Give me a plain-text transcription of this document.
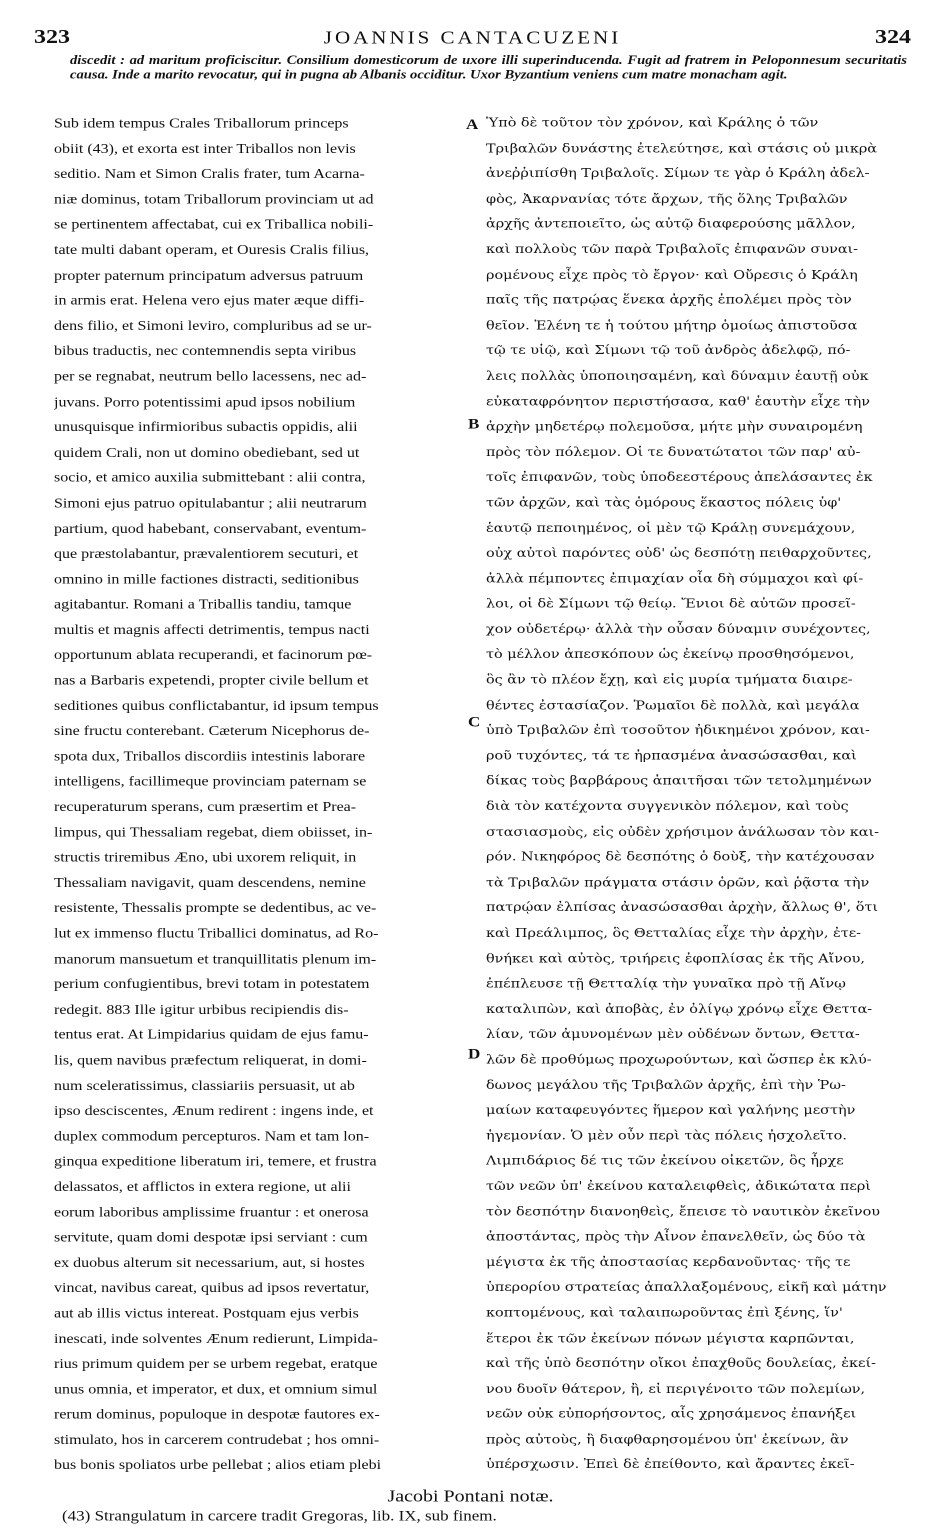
323	JOANNIS CANTACUZENI	324
discedit : ad maritum proficiscitur. Consilium domesticorum de uxore illi superinducenda. Fugit ad fratrem in Peloponnesum securitatis causa. Inde a marito revocatur, qui in pugna ab Albanis occiditur. Uxor Byzantium veniens cum matre monacham agit.
Sub idem tempus Crales Triballorum princeps
obiit (43), et exorta est inter Triballos non levis
seditio. Nam et Simon Cralis frater, tum Acarna-
niæ dominus, totam Triballorum provinciam ut ad
se pertinentem affectabat, cui ex Triballica nobili-
tate multi dabant operam, et Ouresis Cralis filius,
propter paternum principatum adversus patruum
in armis erat. Helena vero ejus mater æque diffi-
dens filio, et Simoni leviro, compluribus ad se ur-
bibus traductis, nec contemnendis septa viribus
per se regnabat, neutrum bello lacessens, nec ad-
juvans. Porro potentissimi apud ipsos nobilium
unusquisque infirmioribus subactis oppidis, alii
quidem Crali, non ut domino obediebant, sed ut
socio, et amico auxilia submittebant : alii contra,
Simoni ejus patruo opitulabantur ; alii neutrarum
partium, quod habebant, conservabant, eventum-
que præstolabantur, prævalentiorem secuturi, et
omnino in mille factiones distracti, seditionibus
agitabantur. Romani a Triballis tandiu, tamque
multis et magnis affecti detrimentis, tempus nacti
opportunum ablata recuperandi, et facinorum pœ-
nas a Barbaris expetendi, propter civile bellum et
seditiones quibus conflictabantur, id ipsum tempus
sine fructu conterebant. Cæterum Nicephorus de-
spota dux, Triballos discordiis intestinis laborare
intelligens, facillimeque provinciam paternam se
recuperaturum sperans, cum præsertim et Prea-
limpus, qui Thessaliam regebat, diem obiisset, in-
structis triremibus Æno, ubi uxorem reliquit, in
Thessaliam navigavit, quam descendens, nemine
resistente, Thessalis prompte se dedentibus, ac ve-
lut ex immenso fluctu Triballici dominatus, ad Ro-
manorum mansuetum et tranquillitatis plenum im-
perium confugientibus, brevi totam in potestatem
redegit. 883 Ille igitur urbibus recipiendis dis-
tentus erat. At Limpidarius quidam de ejus famu-
lis, quem navibus præfectum reliquerat, in domi-
num sceleratissimus, classiariis persuasit, ut ab
ipso desciscentes, Ænum redirent : ingens inde, et
duplex commodum percepturos. Nam et tam lon-
ginqua expeditione liberatum iri, temere, et frustra
delassatos, et afflictos in extera regione, ut alii
eorum laboribus amplissime fruantur : et onerosa
servitute, quam domi despotæ ipsi serviant : cum
ex duobus alterum sit necessarium, aut, si hostes
vincat, navibus careat, quibus ad ipsos revertatur,
aut ab illis victus intereat. Postquam ejus verbis
inescati, inde solventes Ænum redierunt, Limpida-
rius primum quidem per se urbem regebat, eratque
unus omnia, et imperator, et dux, et omnium simul
rerum dominus, populoque in despotæ fautores ex-
stimulato, hos in carcerem contrudebat ; hos omni-
bus bonis spoliatos urbe pellebat ; alios etiam plebi
Ὑπὸ δὲ τοῦτον τὸν χρόνον, καὶ Κράλης ὁ τῶν
Τριβαλῶν δυνάστης ἐτελεύτησε, καὶ στάσις οὐ μικρὰ
ἀνεῤῥιπίσθη Τριβαλοῖς. Σίμων τε γὰρ ὁ Κράλη ἀδελ-
φὸς, Ἀκαρνανίας τότε ἄρχων, τῆς ὅλης Τριβαλῶν
ἀρχῆς ἀντεποιεῖτο, ὡς αὐτῷ διαφερούσης μᾶλλον,
καὶ πολλοὺς τῶν παρὰ Τριβαλοῖς ἐπιφανῶν συναι-
ρομένους εἶχε πρὸς τὸ ἔργον· καὶ Οὔρεσις ὁ Κράλη
παῖς τῆς πατρῴας ἕνεκα ἀρχῆς ἐπολέμει πρὸς τὸν
θεῖον. Ἑλένη τε ἡ τούτου μήτηρ ὁμοίως ἀπιστοῦσα
τῷ τε υἱῷ, καὶ Σίμωνι τῷ τοῦ ἀνδρὸς ἀδελφῷ, πό-
λεις πολλὰς ὑποποιησαμένη, καὶ δύναμιν ἑαυτῇ οὐκ
εὐκαταφρόνητον περιστήσασα, καθ' ἑαυτὴν εἶχε τὴν
ἀρχὴν μηδετέρῳ πολεμοῦσα, μήτε μὴν συναιρομένη
πρὸς τὸν πόλεμον. Οἱ τε δυνατώτατοι τῶν παρ' αὐ-
τοῖς ἐπιφανῶν, τοὺς ὑποδεεστέρους ἀπελάσαντες ἐκ
τῶν ἀρχῶν, καὶ τὰς ὁμόρους ἕκαστος πόλεις ὑφ'
ἑαυτῷ πεποιημένος, οἱ μὲν τῷ Κράλῃ συνεμάχουν,
οὐχ αὐτοὶ παρόντες οὐδ' ὡς δεσπότῃ πειθαρχοῦντες,
ἀλλὰ πέμποντες ἐπιμαχίαν οἷα δὴ σύμμαχοι καὶ φί-
λοι, οἱ δὲ Σίμωνι τῷ θείῳ. Ἔνιοι δὲ αὐτῶν προσεῖ-
χον οὐδετέρῳ· ἀλλὰ τὴν οὖσαν δύναμιν συνέχοντες,
τὸ μέλλον ἀπεσκόπουν ὡς ἐκείνῳ προσθησόμενοι,
ὃς ἂν τὸ πλέον ἔχῃ, καὶ εἰς μυρία τμήματα διαιρε-
θέντες ἐστασίαζον. Ῥωμαῖοι δὲ πολλὰ, καὶ μεγάλα
ὑπὸ Τριβαλῶν ἐπὶ τοσοῦτον ἠδικημένοι χρόνον, και-
ροῦ τυχόντες, τά τε ἡρπασμένα ἀνασώσασθαι, καὶ
δίκας τοὺς βαρβάρους ἀπαιτῆσαι τῶν τετολμημένων
διὰ τὸν κατέχοντα συγγενικὸν πόλεμον, καὶ τοὺς
στασιασμοὺς, εἰς οὐδὲν χρήσιμον ἀνάλωσαν τὸν και-
ρόν. Νικηφόρος δὲ δεσπότης ὁ δοὺξ, τὴν κατέχουσαν
τὰ Τριβαλῶν πράγματα στάσιν ὁρῶν, καὶ ῥᾷστα τὴν
πατρῴαν ἐλπίσας ἀνασώσασθαι ἀρχὴν, ἄλλως θ', ὅτι
καὶ Πρεάλιμπος, ὃς Θετταλίας εἶχε τὴν ἀρχὴν, ἐτε-
θνήκει καὶ αὐτὸς, τριήρεις ἐφοπλίσας ἐκ τῆς Αἴνου,
ἐπέπλευσε τῇ Θετταλίᾳ τὴν γυναῖκα πρὸ τῇ Αἴνῳ
καταλιπὼν, καὶ ἀποβὰς, ἐν ὀλίγῳ χρόνῳ εἶχε Θεττα-
λίαν, τῶν ἀμυνομένων μὲν οὐδένων ὄντων, Θεττα-
λῶν δὲ προθύμως προχωρούντων, καὶ ὥσπερ ἐκ κλύ-
δωνος μεγάλου τῆς Τριβαλῶν ἀρχῆς, ἐπὶ τὴν Ῥω-
μαίων καταφευγόντες ἥμερον καὶ γαλήνης μεστὴν
ἡγεμονίαν. Ὁ μὲν οὖν περὶ τὰς πόλεις ἠσχολεῖτο.
Λιμπιδάριος δέ τις τῶν ἐκείνου οἰκετῶν, ὃς ἦρχε
τῶν νεῶν ὑπ' ἐκείνου καταλειφθεὶς, ἀδικώτατα περὶ
τὸν δεσπότην διανοηθεὶς, ἔπεισε τὸ ναυτικὸν ἐκεῖνου
ἀποστάντας, πρὸς τὴν Αἶνον ἐπανελθεῖν, ὡς δύο τὰ
μέγιστα ἐκ τῆς ἀποστασίας κερδανοῦντας· τῆς τε
ὑπερορίου στρατείας ἀπαλλαξομένους, εἰκῆ καὶ μάτην
κοπτομένους, καὶ ταλαιπωροῦντας ἐπὶ ξένης, ἵν'
ἕτεροι ἐκ τῶν ἐκείνων πόνων μέγιστα καρπῶνται,
καὶ τῆς ὑπὸ δεσπότην οἴκοι ἐπαχθοῦς δουλείας, ἐκεί-
νου δυοῖν θάτερον, ἢ, εἰ περιγένοιτο τῶν πολεμίων,
νεῶν οὐκ εὐπορήσοντος, αἷς χρησάμενος ἐπανήξει
πρὸς αὐτοὺς, ἢ διαφθαρησομένου ὑπ' ἐκείνων, ἂν
ὑπέρσχωσιν. Ἐπεὶ δὲ ἐπείθοντο, καὶ ἄραντες ἐκεῖ-
A
B
C
D
Jacobi Pontani notæ.
(43) Strangulatum in carcere tradit Gregoras, lib. IX, sub finem.
